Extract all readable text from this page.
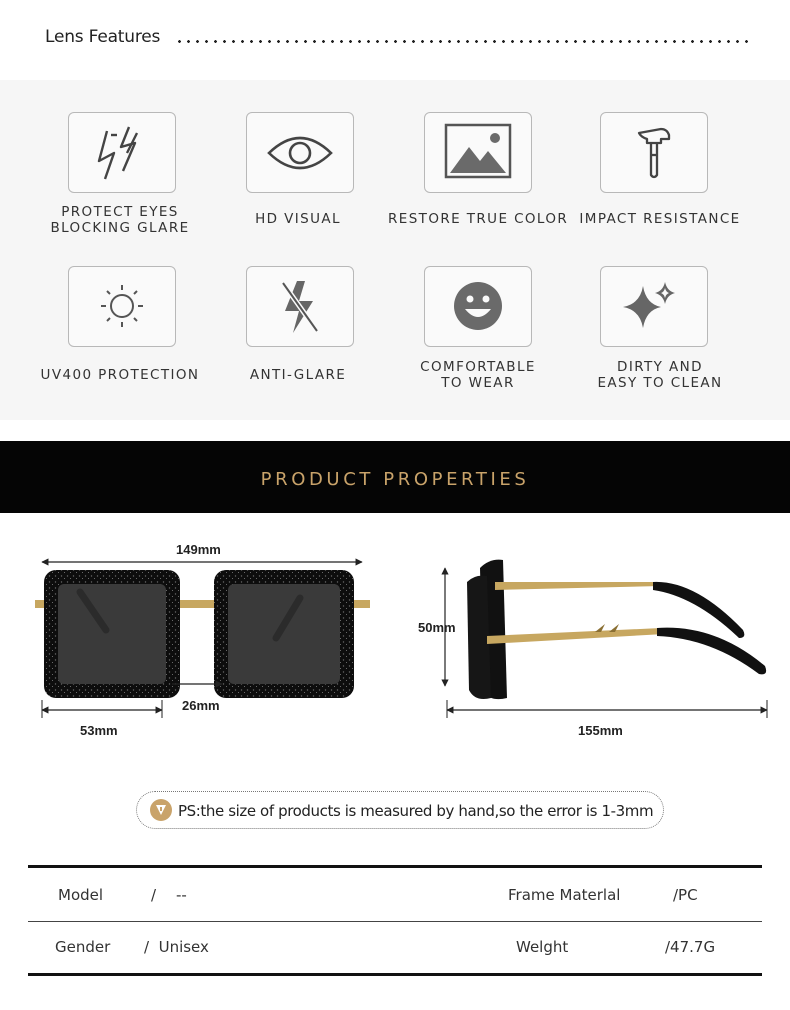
Lens Features
PROTECT EYES
BLOCKING GLARE
HD VISUAL	RESTORE TRUE COLOR IMPACT RESISTANCE
UV400 PROTECTION	ANTI-GLARE	COMFORTABLE
TO WEAR
DIRTY AND
EASY TO CLEAN
PRODUCT PROPERTIES
149mm
26mm
53mm
50mm
155mm
PS:the size of products is measured by hand,so the error is 1-3mm
Model	/ --	Frame Materlal	/PC
Gender /  Unisex	Welght	/47.7G
